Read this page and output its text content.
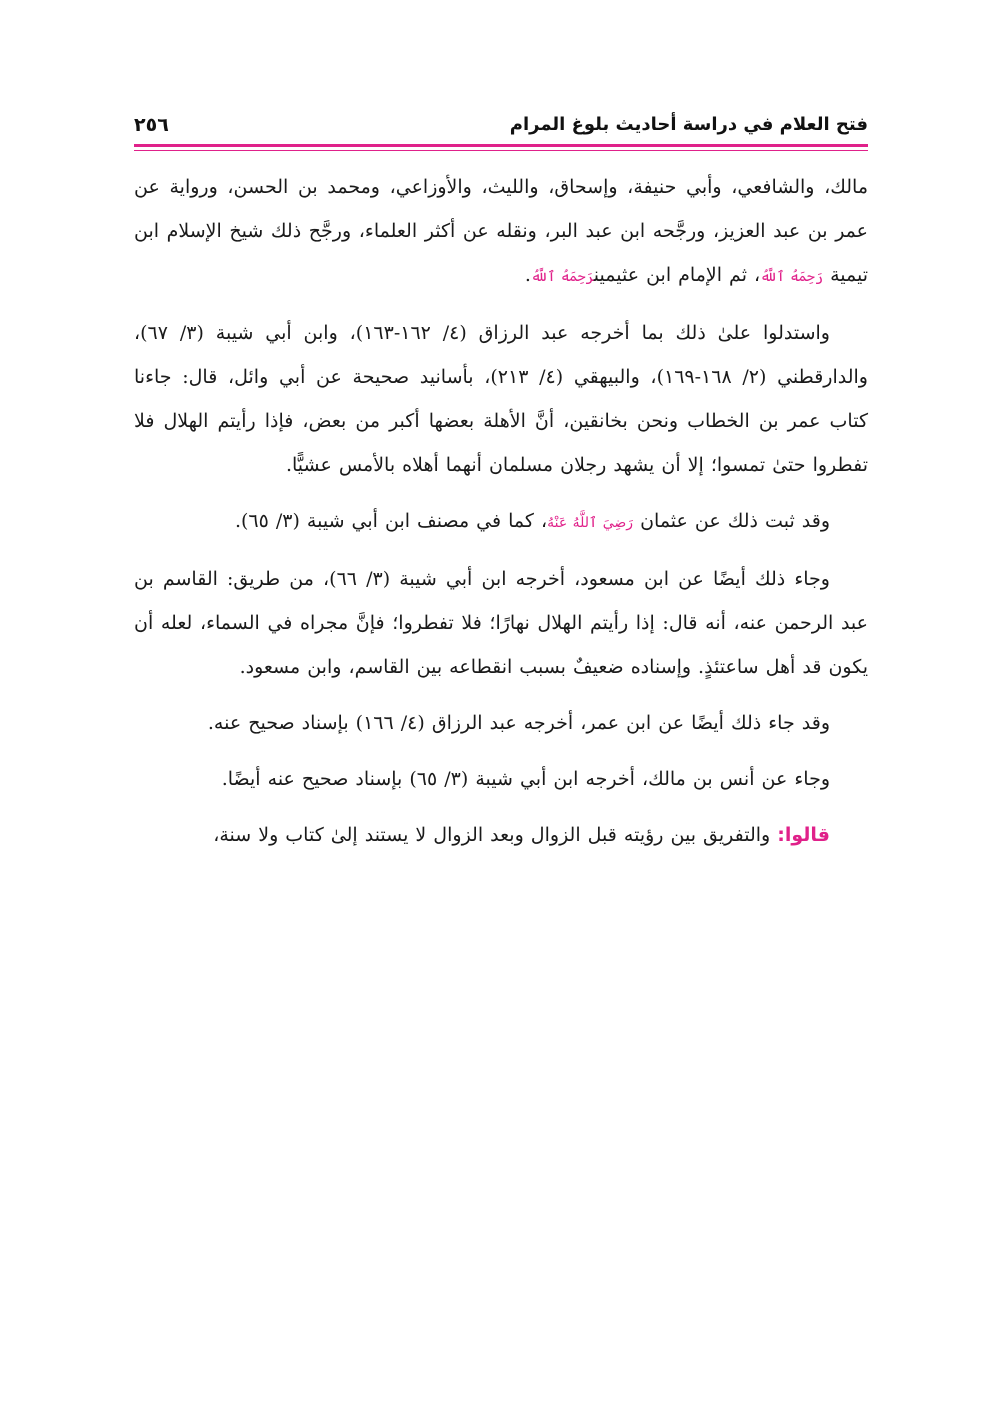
فتح العلام في دراسة أحاديث بلوغ المرام
٢٥٦

مالك، والشافعي، وأبي حنيفة، وإسحاق، والليث، والأوزاعي، ومحمد بن الحسن، ورواية عن عمر بن عبد العزيز، ورجَّحه ابن عبد البر، ونقله عن أكثر العلماء، ورجَّح ذلك شيخ الإسلام ابن تيمية رَحِمَهُ ٱللَّهُ، ثم الإمام ابن عثيمينرَحِمَهُ ٱللَّهُ.

واستدلوا علىٰ ذلك بما أخرجه عبد الرزاق (٤/ ١٦٢-١٦٣)، وابن أبي شيبة (٣/ ٦٧)، والدارقطني (٢/ ١٦٨-١٦٩)، والبيهقي (٤/ ٢١٣)، بأسانيد صحيحة عن أبي وائل، قال: جاءنا كتاب عمر بن الخطاب ونحن بخانقين، أنَّ الأهلة بعضها أكبر من بعض، فإذا رأيتم الهلال فلا تفطروا حتىٰ تمسوا؛ إلا أن يشهد رجلان مسلمان أنهما أهلاه بالأمس عشيًّا.

وقد ثبت ذلك عن عثمان رَضِيَ ٱللَّهُ عَنْهُ، كما في مصنف ابن أبي شيبة (٣/ ٦٥).

وجاء ذلك أيضًا عن ابن مسعود، أخرجه ابن أبي شيبة (٣/ ٦٦)، من طريق: القاسم بن عبد الرحمن عنه، أنه قال: إذا رأيتم الهلال نهارًا؛ فلا تفطروا؛ فإنَّ مجراه في السماء، لعله أن يكون قد أهل ساعتئذٍ. وإسناده ضعيفٌ بسبب انقطاعه بين القاسم، وابن مسعود.

وقد جاء ذلك أيضًا عن ابن عمر، أخرجه عبد الرزاق (٤/ ١٦٦) بإسناد صحيح عنه.

وجاء عن أنس بن مالك، أخرجه ابن أبي شيبة (٣/ ٦٥) بإسناد صحيح عنه أيضًا.

قالوا: والتفريق بين رؤيته قبل الزوال وبعد الزوال لا يستند إلىٰ كتاب ولا سنة،
